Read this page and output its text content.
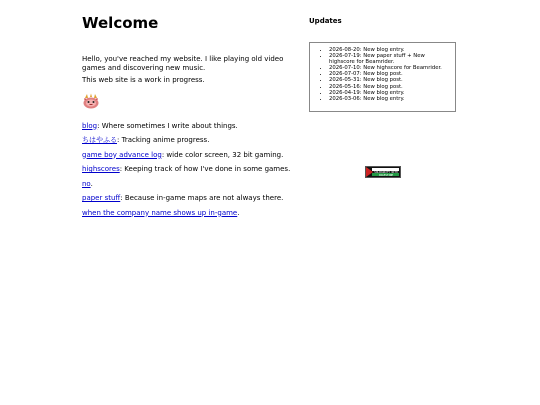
Welcome

Hello, you've reached my website. I like playing old video games and discovering new music.

This web site is a work in progress.

blog: Where sometimes I write about things.
ちはやふる: Tracking anime progress.
game boy advance log: wide color screen, 32 bit gaming.
highscores: Keeping track of how I've done in some games.
no.
paper stuff: Because in-game maps are not always there.
when the company name shows up in-game.
Updates
• 2026-08-20: New blog entry.
• 2026-07-19: New paper stuff + New highscore for Beamrider.
• 2026-07-10: New highscore for Beamrider.
• 2026-07-07: New blog post.
• 2026-05-31: New blog post.
• 2026-05-16: New blog post.
• 2026-04-19: New blog entry.
• 2026-03-06: New blog entry.
SOLIDARITY WITH PALESTINE
